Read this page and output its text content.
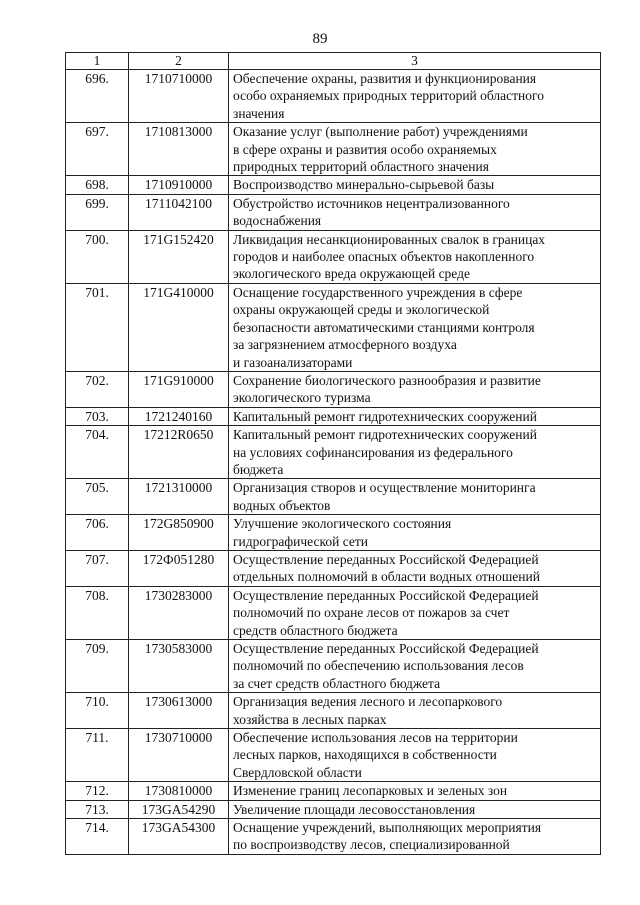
89
1	2	3
696.	1710710000	Обеспечение охраны, развития и функционирования
особо охраняемых природных территорий областного
значения
697.	1710813000	Оказание услуг (выполнение работ) учреждениями
в сфере охраны и развития особо охраняемых
природных территорий областного значения
698.	1710910000	Воспроизводство минерально-сырьевой базы
699.	1711042100	Обустройство источников нецентрализованного
водоснабжения
700.	171G152420	Ликвидация несанкционированных свалок в границах
городов и наиболее опасных объектов накопленного
экологического вреда окружающей среде
701.	171G410000	Оснащение государственного учреждения в сфере
охраны окружающей среды и экологической
безопасности автоматическими станциями контроля
за загрязнением атмосферного воздуха
и газоанализаторами
702.	171G910000	Сохранение биологического разнообразия и развитие
экологического туризма
703.	1721240160	Капитальный ремонт гидротехнических сооружений
704.	17212R0650	Капитальный ремонт гидротехнических сооружений
на условиях софинансирования из федерального
бюджета
705.	1721310000	Организация створов и осуществление мониторинга
водных объектов
706.	172G850900	Улучшение экологического состояния
гидрографической сети
707.	172Ф051280	Осуществление переданных Российской Федерацией
отдельных полномочий в области водных отношений
708.	1730283000	Осуществление переданных Российской Федерацией
полномочий по охране лесов от пожаров за счет
средств областного бюджета
709.	1730583000	Осуществление переданных Российской Федерацией
полномочий по обеспечению использования лесов
за счет средств областного бюджета
710.	1730613000	Организация ведения лесного и лесопаркового
хозяйства в лесных парках
711.	1730710000	Обеспечение использования лесов на территории
лесных парков, находящихся в собственности
Свердловской области
712.	1730810000	Изменение границ лесопарковых и зеленых зон
713.	173GA54290	Увеличение площади лесовосстановления
714.	173GA54300	Оснащение учреждений, выполняющих мероприятия
по воспроизводству лесов, специализированной
